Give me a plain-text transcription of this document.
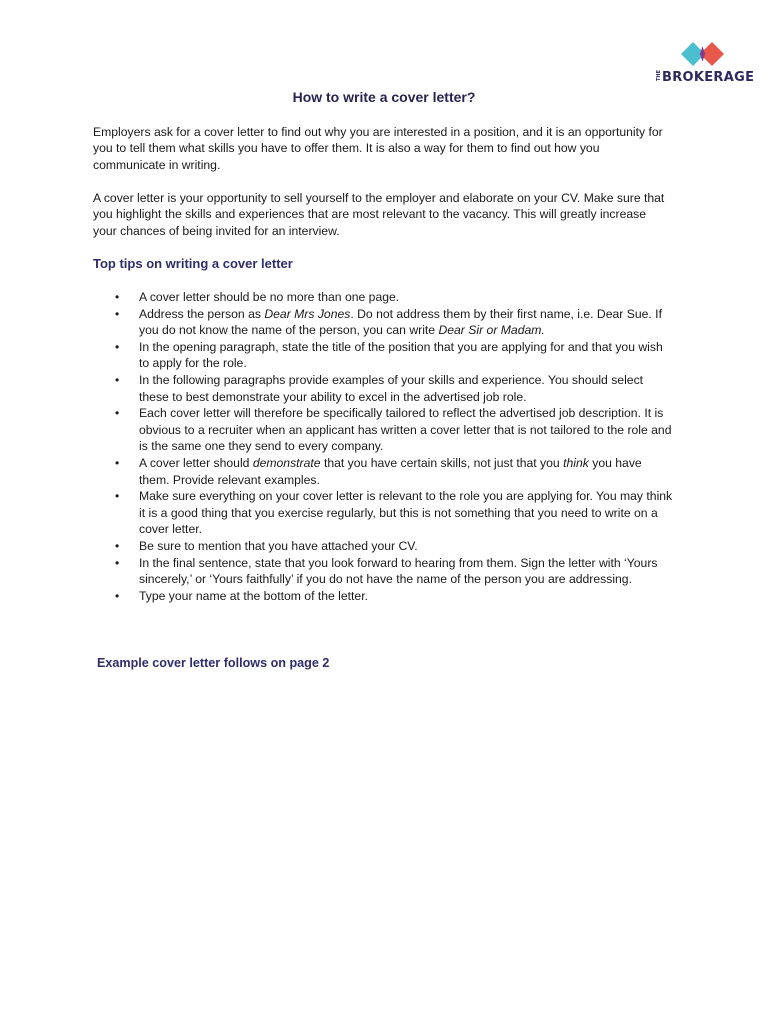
THE BROKERAGE
How to write a cover letter?

Employers ask for a cover letter to find out why you are interested in a position, and it is an opportunity for you to tell them what skills you have to offer them. It is also a way for them to find out how you communicate in writing.

A cover letter is your opportunity to sell yourself to the employer and elaborate on your CV. Make sure that you highlight the skills and experiences that are most relevant to the vacancy. This will greatly increase your chances of being invited for an interview.

Top tips on writing a cover letter
• A cover letter should be no more than one page.
• Address the person as Dear Mrs Jones. Do not address them by their first name, i.e. Dear Sue. If you do not know the name of the person, you can write Dear Sir or Madam.
• In the opening paragraph, state the title of the position that you are applying for and that you wish to apply for the role.
• In the following paragraphs provide examples of your skills and experience. You should select these to best demonstrate your ability to excel in the advertised job role.
• Each cover letter will therefore be specifically tailored to reflect the advertised job description. It is obvious to a recruiter when an applicant has written a cover letter that is not tailored to the role and is the same one they send to every company.
• A cover letter should demonstrate that you have certain skills, not just that you think you have them. Provide relevant examples.
• Make sure everything on your cover letter is relevant to the role you are applying for. You may think it is a good thing that you exercise regularly, but this is not something that you need to write on a cover letter.
• Be sure to mention that you have attached your CV.
• In the final sentence, state that you look forward to hearing from them. Sign the letter with ‘Yours sincerely,’ or ‘Yours faithfully’ if you do not have the name of the person you are addressing.
• Type your name at the bottom of the letter.
Example cover letter follows on page 2
